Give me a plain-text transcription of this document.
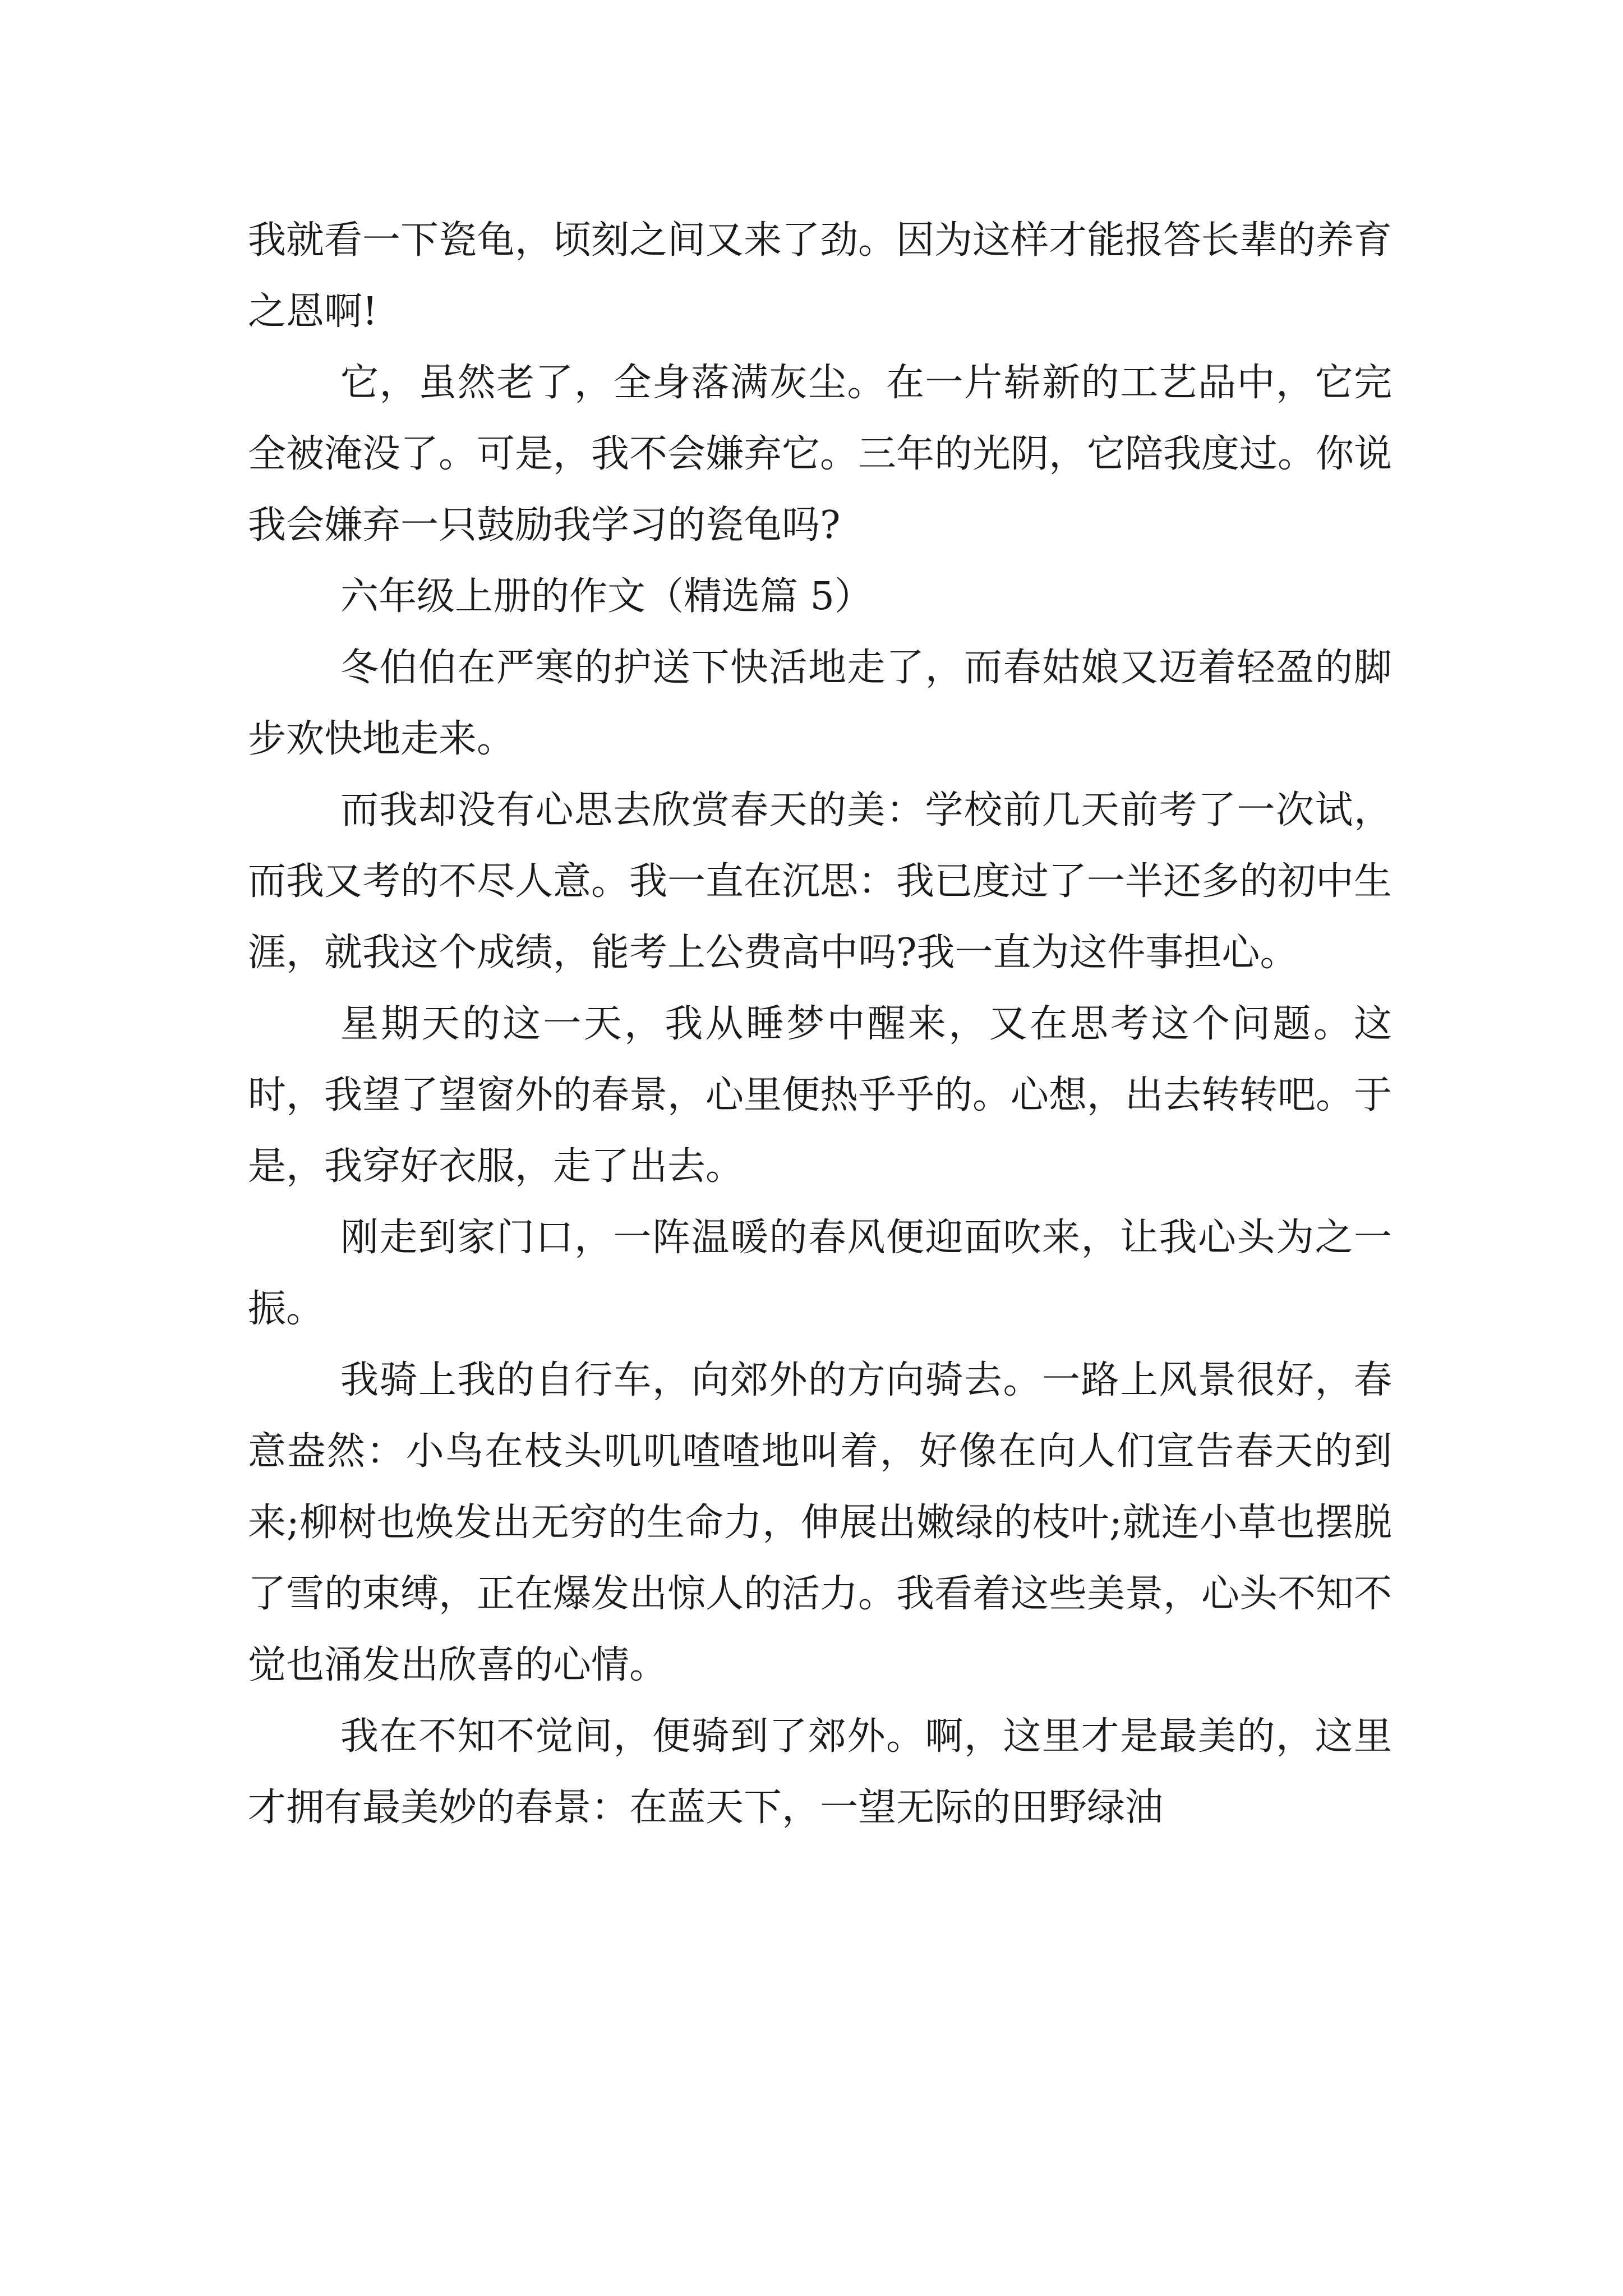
我就看一下瓷龟，顷刻之间又来了劲。因为这样才能报答长辈的养育之恩啊!

它，虽然老了，全身落满灰尘。在一片崭新的工艺品中，它完全被淹没了。可是，我不会嫌弃它。三年的光阴，它陪我度过。你说我会嫌弃一只鼓励我学习的瓷龟吗?

六年级上册的作文（精选篇 5）

冬伯伯在严寒的护送下快活地走了，而春姑娘又迈着轻盈的脚步欢快地走来。

而我却没有心思去欣赏春天的美：学校前几天前考了一次试，而我又考的不尽人意。我一直在沉思：我已度过了一半还多的初中生涯，就我这个成绩，能考上公费高中吗?我一直为这件事担心。

星期天的这一天，我从睡梦中醒来，又在思考这个问题。这时，我望了望窗外的春景，心里便热乎乎的。心想，出去转转吧。于是，我穿好衣服，走了出去。

刚走到家门口，一阵温暖的春风便迎面吹来，让我心头为之一振。

我骑上我的自行车，向郊外的方向骑去。一路上风景很好，春意盎然：小鸟在枝头叽叽喳喳地叫着，好像在向人们宣告春天的到来;柳树也焕发出无穷的生命力，伸展出嫩绿的枝叶;就连小草也摆脱了雪的束缚，正在爆发出惊人的活力。我看着这些美景，心头不知不觉也涌发出欣喜的心情。

我在不知不觉间，便骑到了郊外。啊，这里才是最美的，这里才拥有最美妙的春景：在蓝天下，一望无际的田野绿油
